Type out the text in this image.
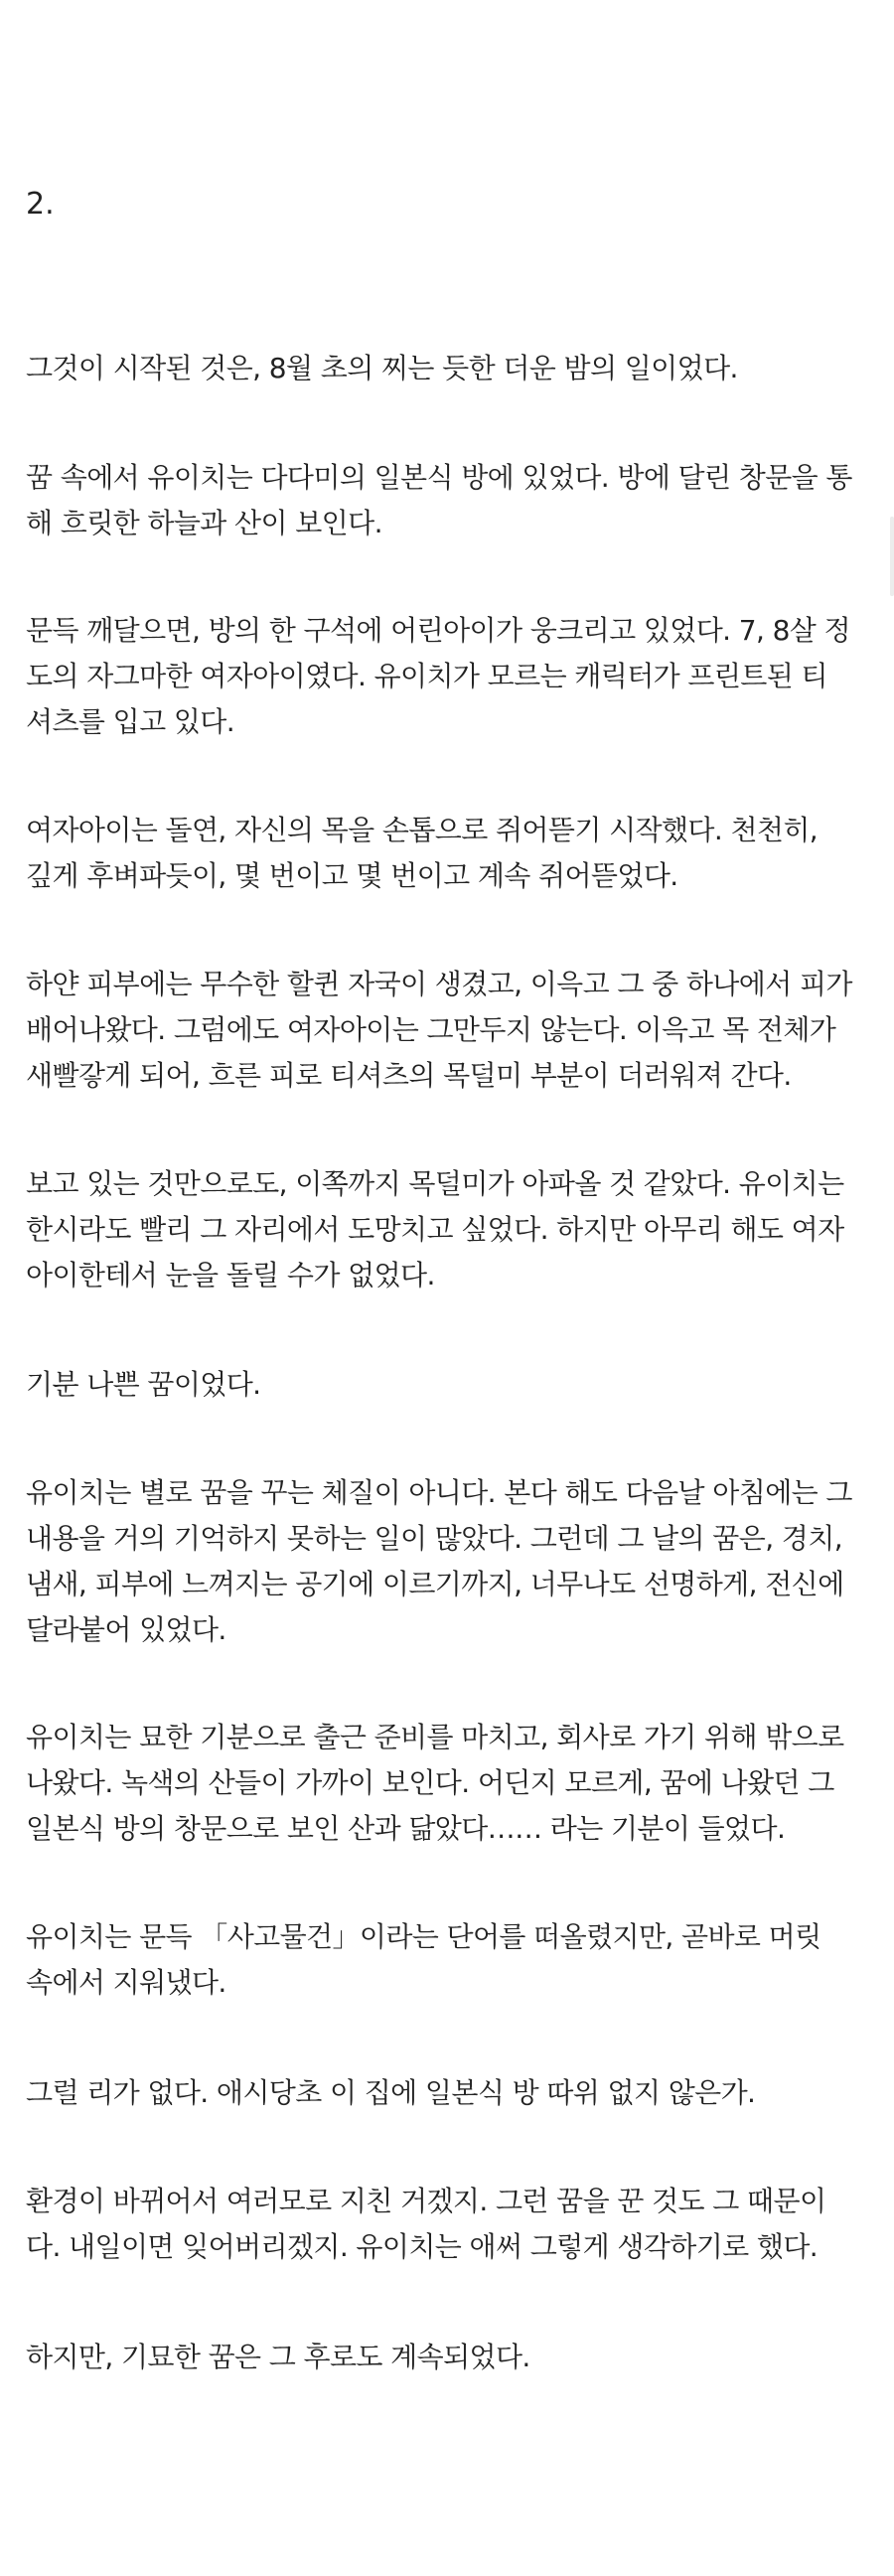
2.

그것이 시작된 것은, 8월 초의 찌는 듯한 더운 밤의 일이었다.

꿈 속에서 유이치는 다다미의 일본식 방에 있었다. 방에 달린 창문을 통
해 흐릿한 하늘과 산이 보인다.

문득 깨달으면, 방의 한 구석에 어린아이가 웅크리고 있었다. 7, 8살 정
도의 자그마한 여자아이였다. 유이치가 모르는 캐릭터가 프린트된 티
셔츠를 입고 있다.

여자아이는 돌연, 자신의 목을 손톱으로 쥐어뜯기 시작했다. 천천히,
깊게 후벼파듯이, 몇 번이고 몇 번이고 계속 쥐어뜯었다.

하얀 피부에는 무수한 할퀸 자국이 생겼고, 이윽고 그 중 하나에서 피가
배어나왔다. 그럼에도 여자아이는 그만두지 않는다. 이윽고 목 전체가
새빨갛게 되어, 흐른 피로 티셔츠의 목덜미 부분이 더러워져 간다.

보고 있는 것만으로도, 이쪽까지 목덜미가 아파올 것 같았다. 유이치는
한시라도 빨리 그 자리에서 도망치고 싶었다. 하지만 아무리 해도 여자
아이한테서 눈을 돌릴 수가 없었다.

기분 나쁜 꿈이었다.

유이치는 별로 꿈을 꾸는 체질이 아니다. 본다 해도 다음날 아침에는 그
내용을 거의 기억하지 못하는 일이 많았다. 그런데 그 날의 꿈은, 경치,
냄새, 피부에 느껴지는 공기에 이르기까지, 너무나도 선명하게, 전신에
달라붙어 있었다.

유이치는 묘한 기분으로 출근 준비를 마치고, 회사로 가기 위해 밖으로
나왔다. 녹색의 산들이 가까이 보인다. 어딘지 모르게, 꿈에 나왔던 그
일본식 방의 창문으로 보인 산과 닮았다…… 라는 기분이 들었다.

유이치는 문득 「사고물건」이라는 단어를 떠올렸지만, 곧바로 머릿
속에서 지워냈다.

그럴 리가 없다. 애시당초 이 집에 일본식 방 따위 없지 않은가.

환경이 바뀌어서 여러모로 지친 거겠지. 그런 꿈을 꾼 것도 그 때문이
다. 내일이면 잊어버리겠지. 유이치는 애써 그렇게 생각하기로 했다.

하지만, 기묘한 꿈은 그 후로도 계속되었다.
